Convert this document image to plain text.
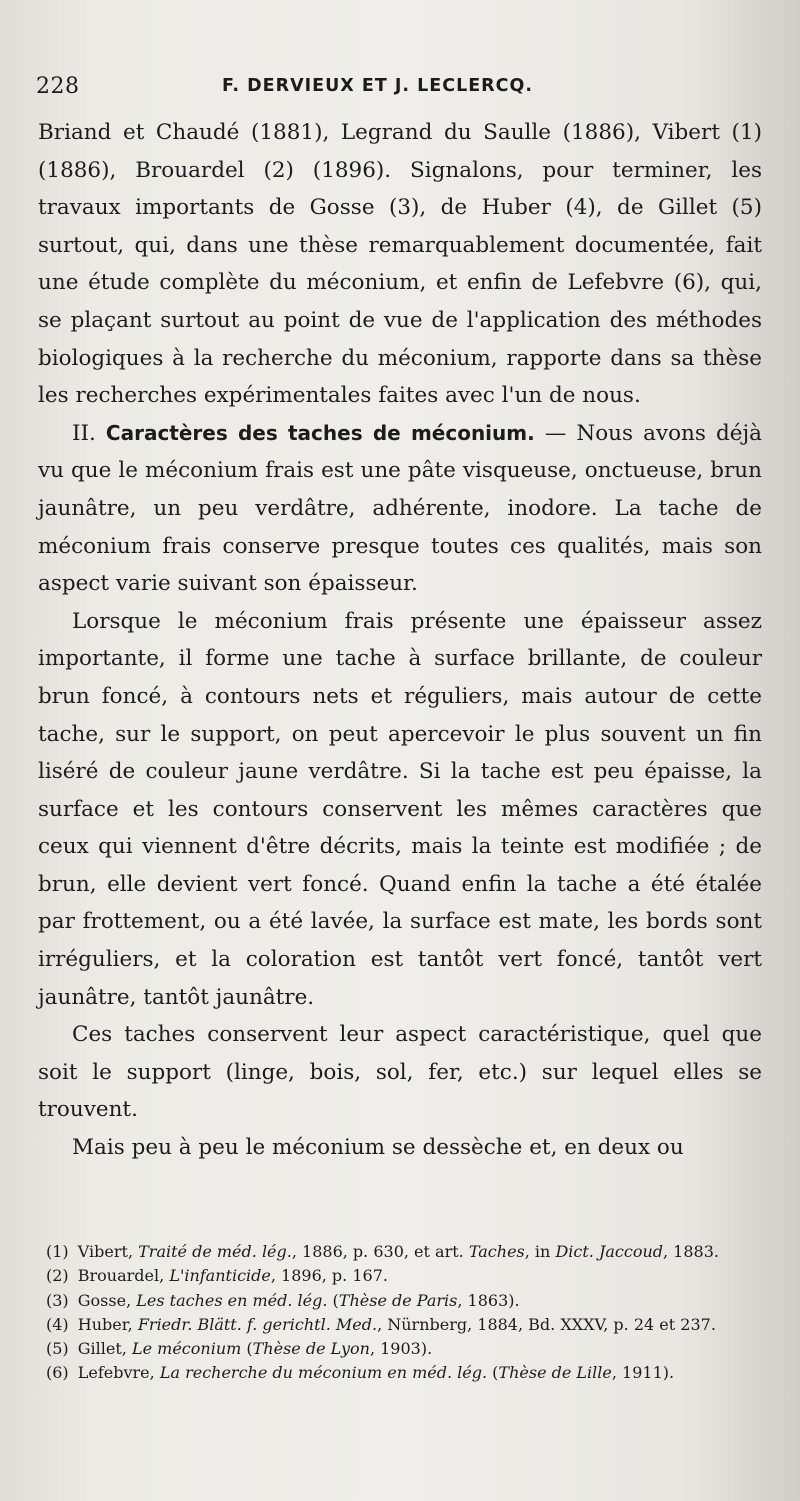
228	F. DERVIEUX ET J. LECLERCQ.

Briand et Chaudé (1881), Legrand du Saulle (1886), Vibert (1) (1886), Brouardel (2) (1896). Signalons, pour terminer, les travaux importants de Gosse (3), de Huber (4), de Gillet (5) surtout, qui, dans une thèse remarquablement documentée, fait une étude complète du méconium, et enfin de Lefebvre (6), qui, se plaçant surtout au point de vue de l'application des méthodes biologiques à la recherche du méconium, rapporte dans sa thèse les recherches expérimentales faites avec l'un de nous.

II. Caractères des taches de méconium. — Nous avons déjà vu que le méconium frais est une pâte visqueuse, onctueuse, brun jaunâtre, un peu verdâtre, adhérente, inodore. La tache de méconium frais conserve presque toutes ces qualités, mais son aspect varie suivant son épaisseur.

Lorsque le méconium frais présente une épaisseur assez importante, il forme une tache à surface brillante, de couleur brun foncé, à contours nets et réguliers, mais autour de cette tache, sur le support, on peut apercevoir le plus souvent un fin liséré de couleur jaune verdâtre. Si la tache est peu épaisse, la surface et les contours conservent les mêmes caractères que ceux qui viennent d'être décrits, mais la teinte est modifiée ; de brun, elle devient vert foncé. Quand enfin la tache a été étalée par frottement, ou a été lavée, la surface est mate, les bords sont irréguliers, et la coloration est tantôt vert foncé, tantôt vert jaunâtre, tantôt jaunâtre.

Ces taches conservent leur aspect caractéristique, quel que soit le support (linge, bois, sol, fer, etc.) sur lequel elles se trouvent.

Mais peu à peu le méconium se dessèche et, en deux ou

(1) Vibert, Traité de méd. lég., 1886, p. 630, et art. Taches, in Dict. Jaccoud, 1883.

(2) Brouardel, L'infanticide, 1896, p. 167.

(3) Gosse, Les taches en méd. lég. (Thèse de Paris, 1863).

(4) Huber, Friedr. Blätt. f. gerichtl. Med., Nürnberg, 1884, Bd. XXXV, p. 24 et 237.

(5) Gillet, Le méconium (Thèse de Lyon, 1903).

(6) Lefebvre, La recherche du méconium en méd. lég. (Thèse de Lille, 1911).
